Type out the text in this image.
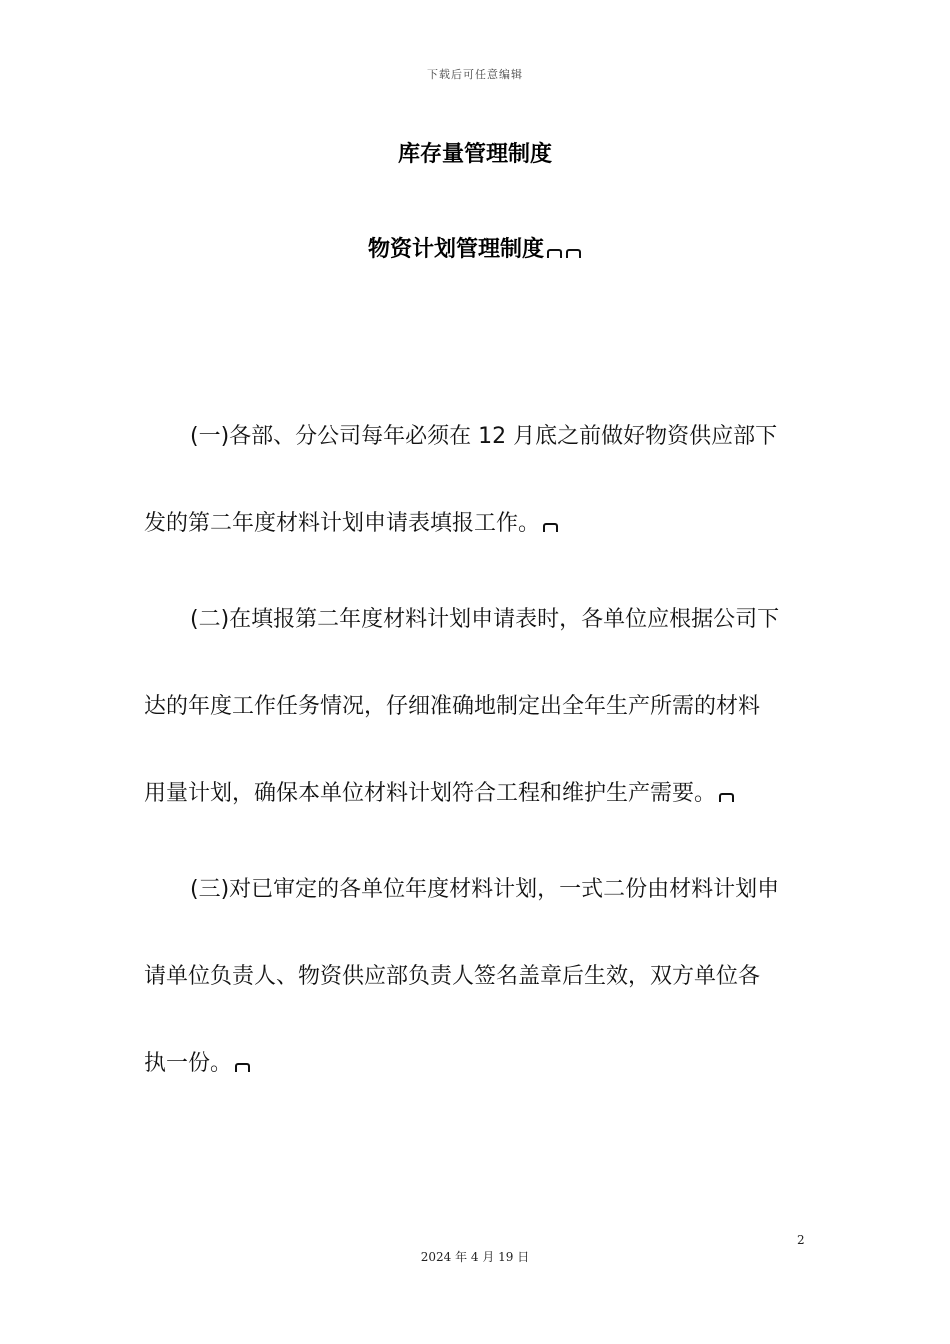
下载后可任意编辑
库存量管理制度
物资计划管理制度
(一)各部、分公司每年必须在 12 月底之前做好物资供应部下
发的第二年度材料计划申请表填报工作。
(二)在填报第二年度材料计划申请表时，各单位应根据公司下
达的年度工作任务情况，仔细准确地制定出全年生产所需的材料
用量计划，确保本单位材料计划符合工程和维护生产需要。
(三)对已审定的各单位年度材料计划，一式二份由材料计划申
请单位负责人、物资供应部负责人签名盖章后生效，双方单位各
执一份。
2
2024 年 4 月 19 日
